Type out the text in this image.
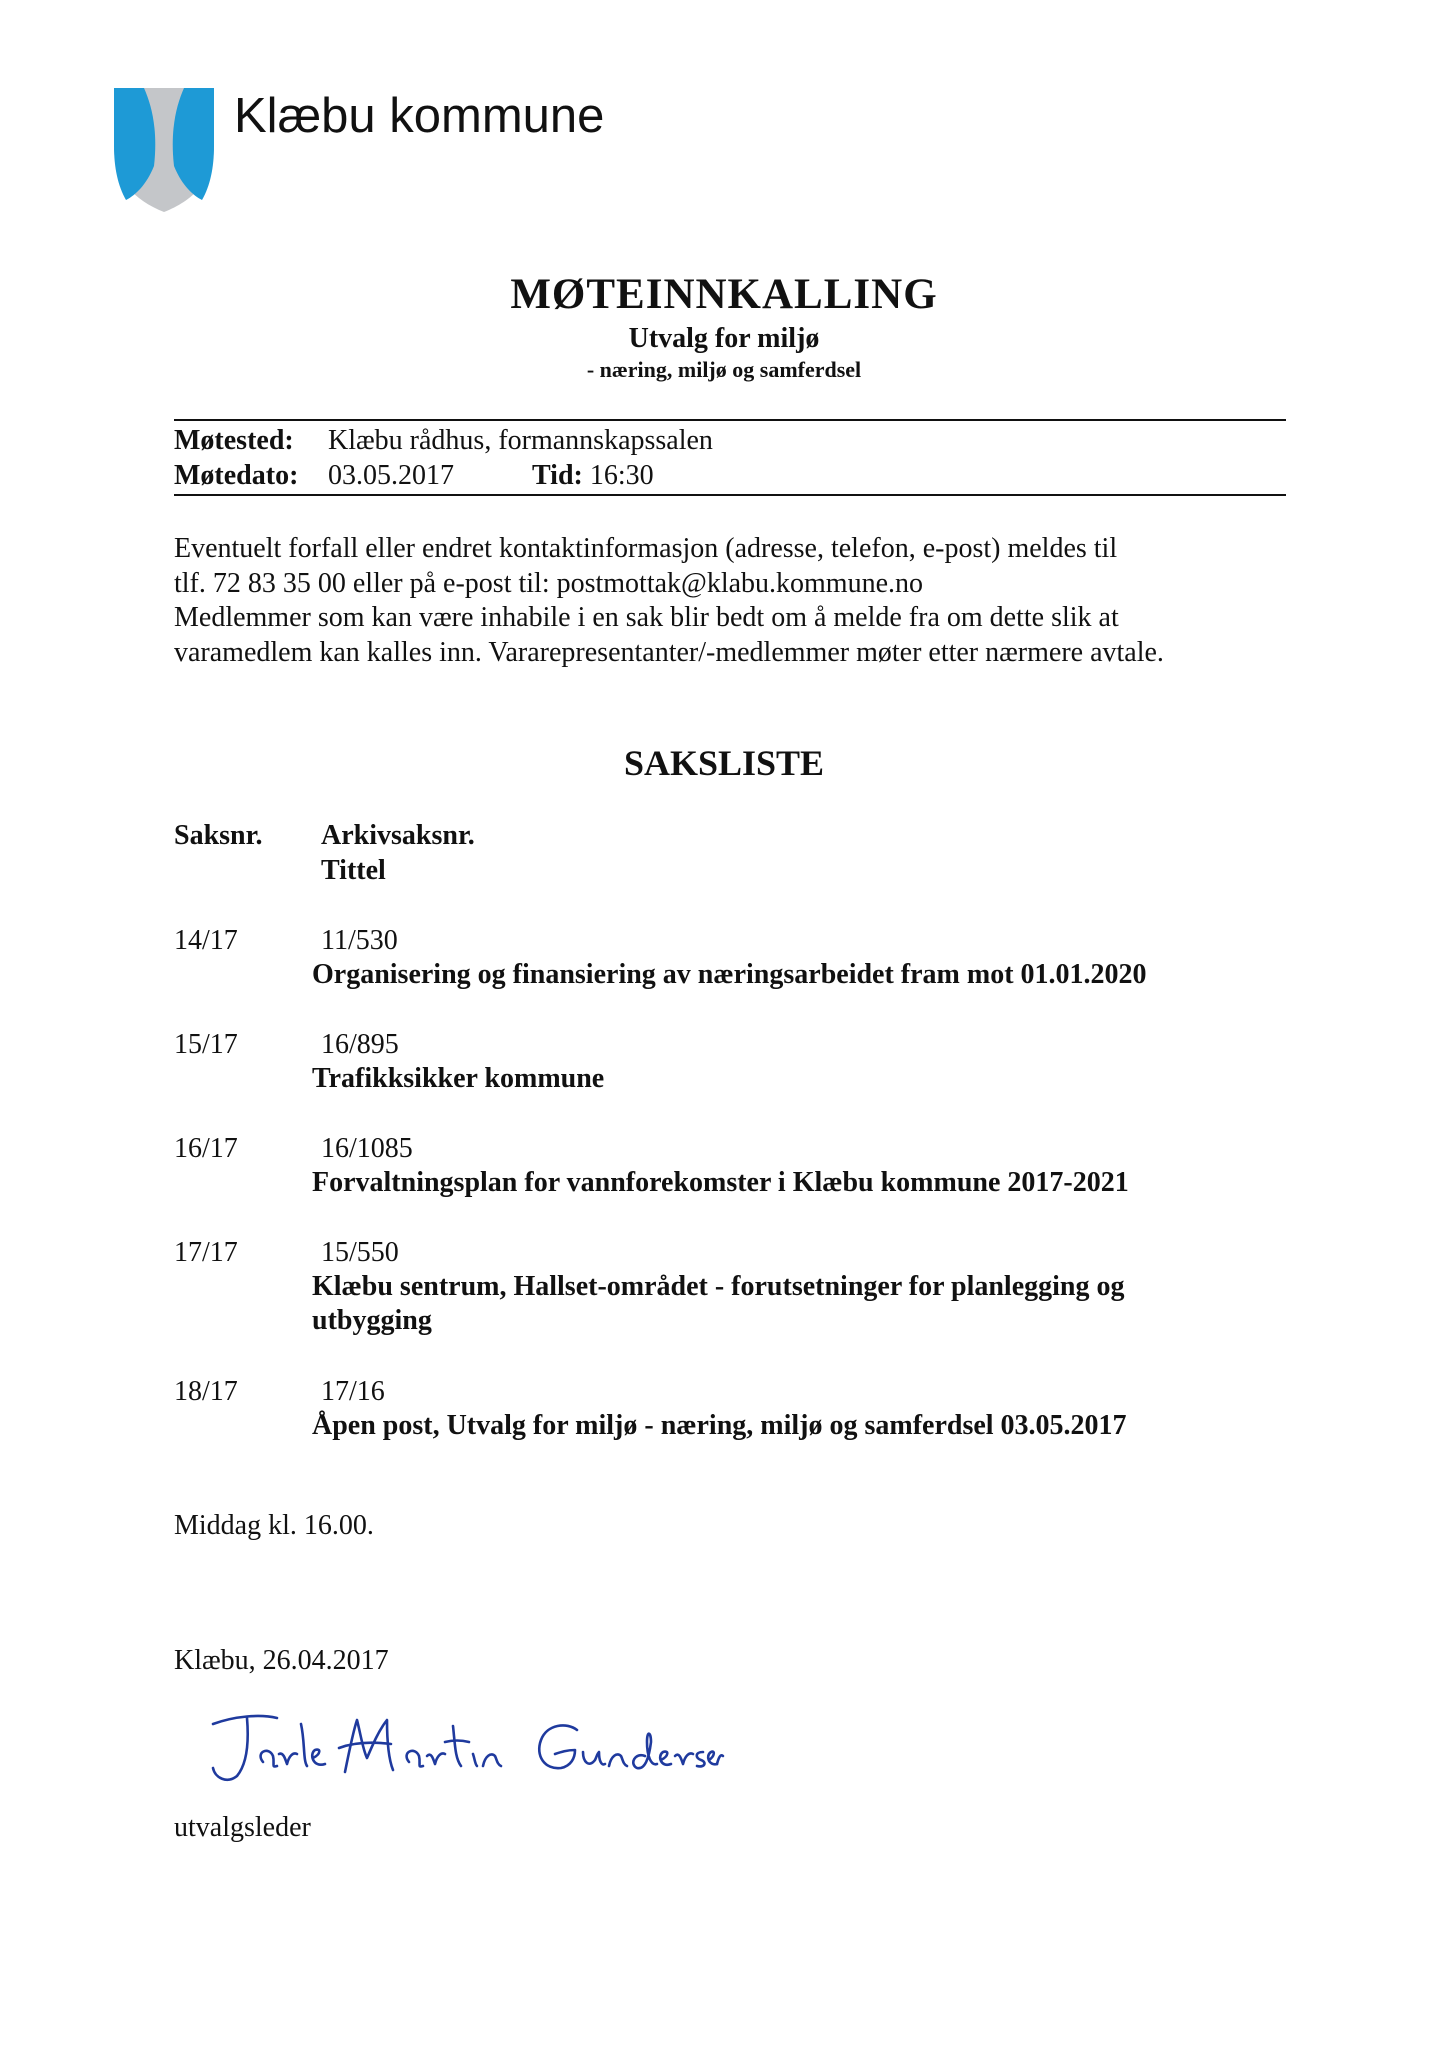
Klæbu kommune
MØTEINNKALLING
Utvalg for miljø
- næring, miljø og samferdsel
Møtested: Klæbu rådhus, formannskapssalen
Møtedato: 03.05.2017	Tid: 16:30
Eventuelt forfall eller endret kontaktinformasjon (adresse, telefon, e-post) meldes til
tlf. 72 83 35 00 eller på e-post til: postmottak@klabu.kommune.no
Medlemmer som kan være inhabile i en sak blir bedt om å melde fra om dette slik at
varamedlem kan kalles inn. Vararepresentanter/-medlemmer møter etter nærmere avtale.
SAKSLISTE
Saksnr. Arkivsaksnr.
Tittel
14/17	11/530
Organisering og finansiering av næringsarbeidet fram mot 01.01.2020
15/17	16/895
Trafikksikker kommune
16/17	16/1085
Forvaltningsplan for vannforekomster i Klæbu kommune 2017-2021
17/17	15/550
Klæbu sentrum, Hallset-området - forutsetninger for planlegging og
utbygging
18/17	17/16
Åpen post, Utvalg for miljø - næring, miljø og samferdsel 03.05.2017
Middag kl. 16.00.
Klæbu, 26.04.2017
utvalgsleder
